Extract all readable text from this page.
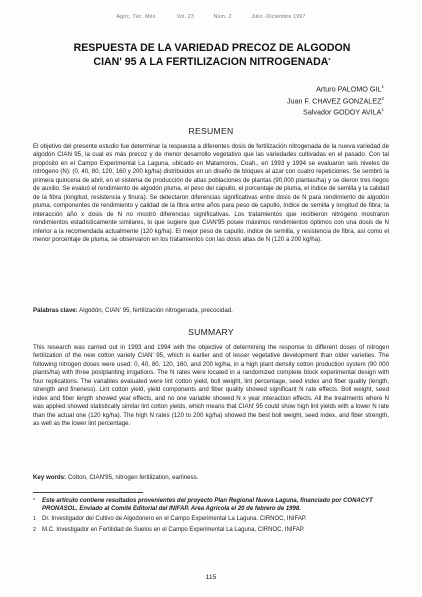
Agric. Téc. Méx.	Vol. 23	Núm. 2	Julio -Diciembre 1997
RESPUESTA DE LA VARIEDAD PRECOZ DE ALGODON
CIAN' 95 A LA FERTILIZACION NITROGENADA*
Arturo PALOMO GIL$^1$
Juan F. CHAVEZ GONZALEZ$^2$
Salvador GODOY AVILA$^1$
RESUMEN
El objetivo del presente estudio fue determinar la respuesta a diferentes dosis de fertilización nitrogenada de la nueva variedad de algodón CIAN 95, la cual es más precoz y de menor desarrollo vegetativo que las variedades cultivadas en el pasado. Con tal propósito en el Campo Experimental La Laguna, ubicado en Matamoros, Coah., en 1993 y 1994 se evaluaron seis niveles de nitrógeno (N): (0, 40, 80, 120, 160 y 200 kg/ha) distribuidos en un diseño de bloques al azar con cuatro repeticiones. Se sembró la primera quincena de abril, en el sistema de producción de altas poblaciones de plantas (90,000 plantas/ha) y se dieron tres riegos de auxilio. Se evaluó el rendimiento de algodón pluma, el peso del capullo, el porcentaje de pluma, el índice de semilla y la calidad de la fibra (longitud, resistencia y finura). Se detectaron diferencias significativas entre dosis de N para rendimiento de algodón pluma, componentes de rendimiento y calidad de la fibra entre años para peso de capullo, índice de semilla y longitud de fibra; la interacción año x dosis de N no mostró diferencias significativas. Los tratamientos que recibieron nitrógeno mostraron rendimientos estadísticamente similares, lo que sugiere que CIAN'95 posee máximos rendimientos óptimos con una dosis de N inferior a la recomendada actualmente (120 kg/ha). El mejor peso de capullo, índice de semilla, y resistencia de fibra, así como el menor porcentaje de pluma, se observaron en los tratamientos con las dosis altas de N (120 a 200 kg/ha).
Palabras clave: Algodón, CIAN' 95, fertilización nitrogenada, precocidad.
SUMMARY
This research was carried out in 1993 and 1994 with the objective of determining the response to different doses of nitrogen fertilization of the new cotton variety CIAN' 95, which is earlier and of lesser vegetative development than older varieties. The following nitrogen doses were used: 0, 40, 80, 120, 160, and 200 kg/ha, in a high plant density cotton production system (90 000 plants/ha) with three postplanting irrigations. The N rates were located in a randomized complete block experimental design with four replications. The variables evaluated were lint cotton yield, boll weight, lint percentage, seed index and fiber quality (length, strength and fineness). Lint cotton yield, yield components and fiber quality showed significant N rate effects. Boll weight, seed index and fiber length showed year effects, and no one variable showed N x year interaction effects. All the treatments where N was applied showed statistically similar lint cotton yields, which means that CIAN' 95 could show high lint yields with a lower N rate than the actual one (120 kg/ha). The high N rates (120 to 200 kg/ha) showed the best boll weight, seed index, and fiber strength, as well as the lower lint percentage.
Key words: Cotton, CIAN'95, nitrogen fertilization, earliness.
*	Este artículo contiene resultados provenientes del proyecto Plan Regional Nueva Laguna, financiado por CONACYT PRONASOL. Enviado al Comité Editorial del INIFAP. Area Agrícola el 20 de febrero de 1998.
1 Dr. Investigador del Cultivo de Algodonero en el Campo Experimental La Laguna. CIRNOC, INIFAP.
2 M.C. Investigador en Fertilidad de Suelos en el Campo Experimental La Laguna, CIRNOC, INIFAP.
115
